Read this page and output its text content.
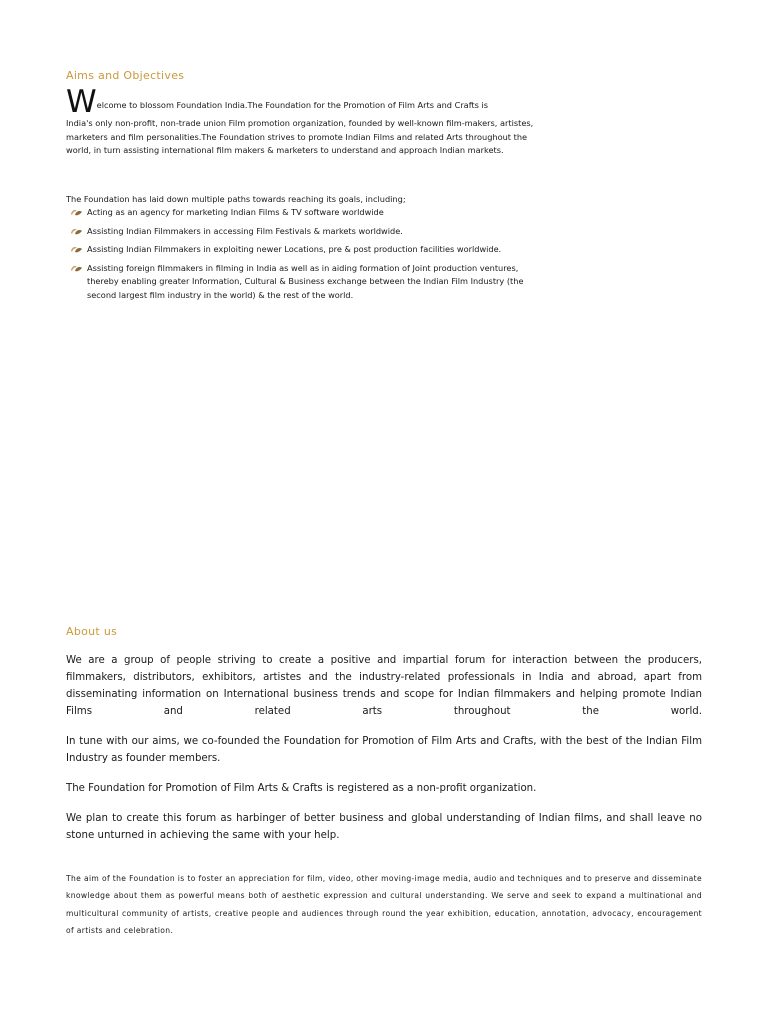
Aims and Objectives
Welcome to blossom Foundation India.The Foundation for the Promotion of Film Arts and Crafts is
India's only non-profit, non-trade union Film promotion organization, founded by well-known film-makers, artistes, marketers and film personalities.The Foundation strives to promote Indian Films and related Arts throughout the world, in turn assisting international film makers & marketers to understand and approach Indian markets.

The Foundation has laid down multiple paths towards reaching its goals, including;

Acting as an agency for marketing Indian Films & TV software worldwide
Assisting Indian Filmmakers in accessing Film Festivals & markets worldwide.
Assisting Indian Filmmakers in exploiting newer Locations, pre & post production facilities worldwide.
Assisting foreign filmmakers in filming in India as well as in aiding formation of Joint production ventures, thereby enabling greater Information, Cultural & Business exchange between the Indian Film Industry (the second largest film industry in the world) & the rest of the world.
About us

We are a group of people striving to create a positive and impartial forum for interaction between the producers, filmmakers, distributors, exhibitors, artistes and the industry-related professionals in India and abroad, apart from disseminating information on International business trends and scope for Indian filmmakers and helping promote Indian Films and related arts throughout the world.

In tune with our aims, we co-founded the Foundation for Promotion of Film Arts and Crafts, with the best of the Indian Film Industry as founder members.

The Foundation for Promotion of Film Arts & Crafts is registered as a non-profit organization.

We plan to create this forum as harbinger of better business and global understanding of Indian films, and shall leave no stone unturned in achieving the same with your help.

The aim of the Foundation is to foster an appreciation for film, video, other moving-image media, audio and techniques and to preserve and disseminate knowledge about them as powerful means both of aesthetic expression and cultural understanding. We serve and seek to expand a multinational and multicultural community of artists, creative people and audiences through round the year exhibition, education, annotation, advocacy, encouragement of artists and celebration.
